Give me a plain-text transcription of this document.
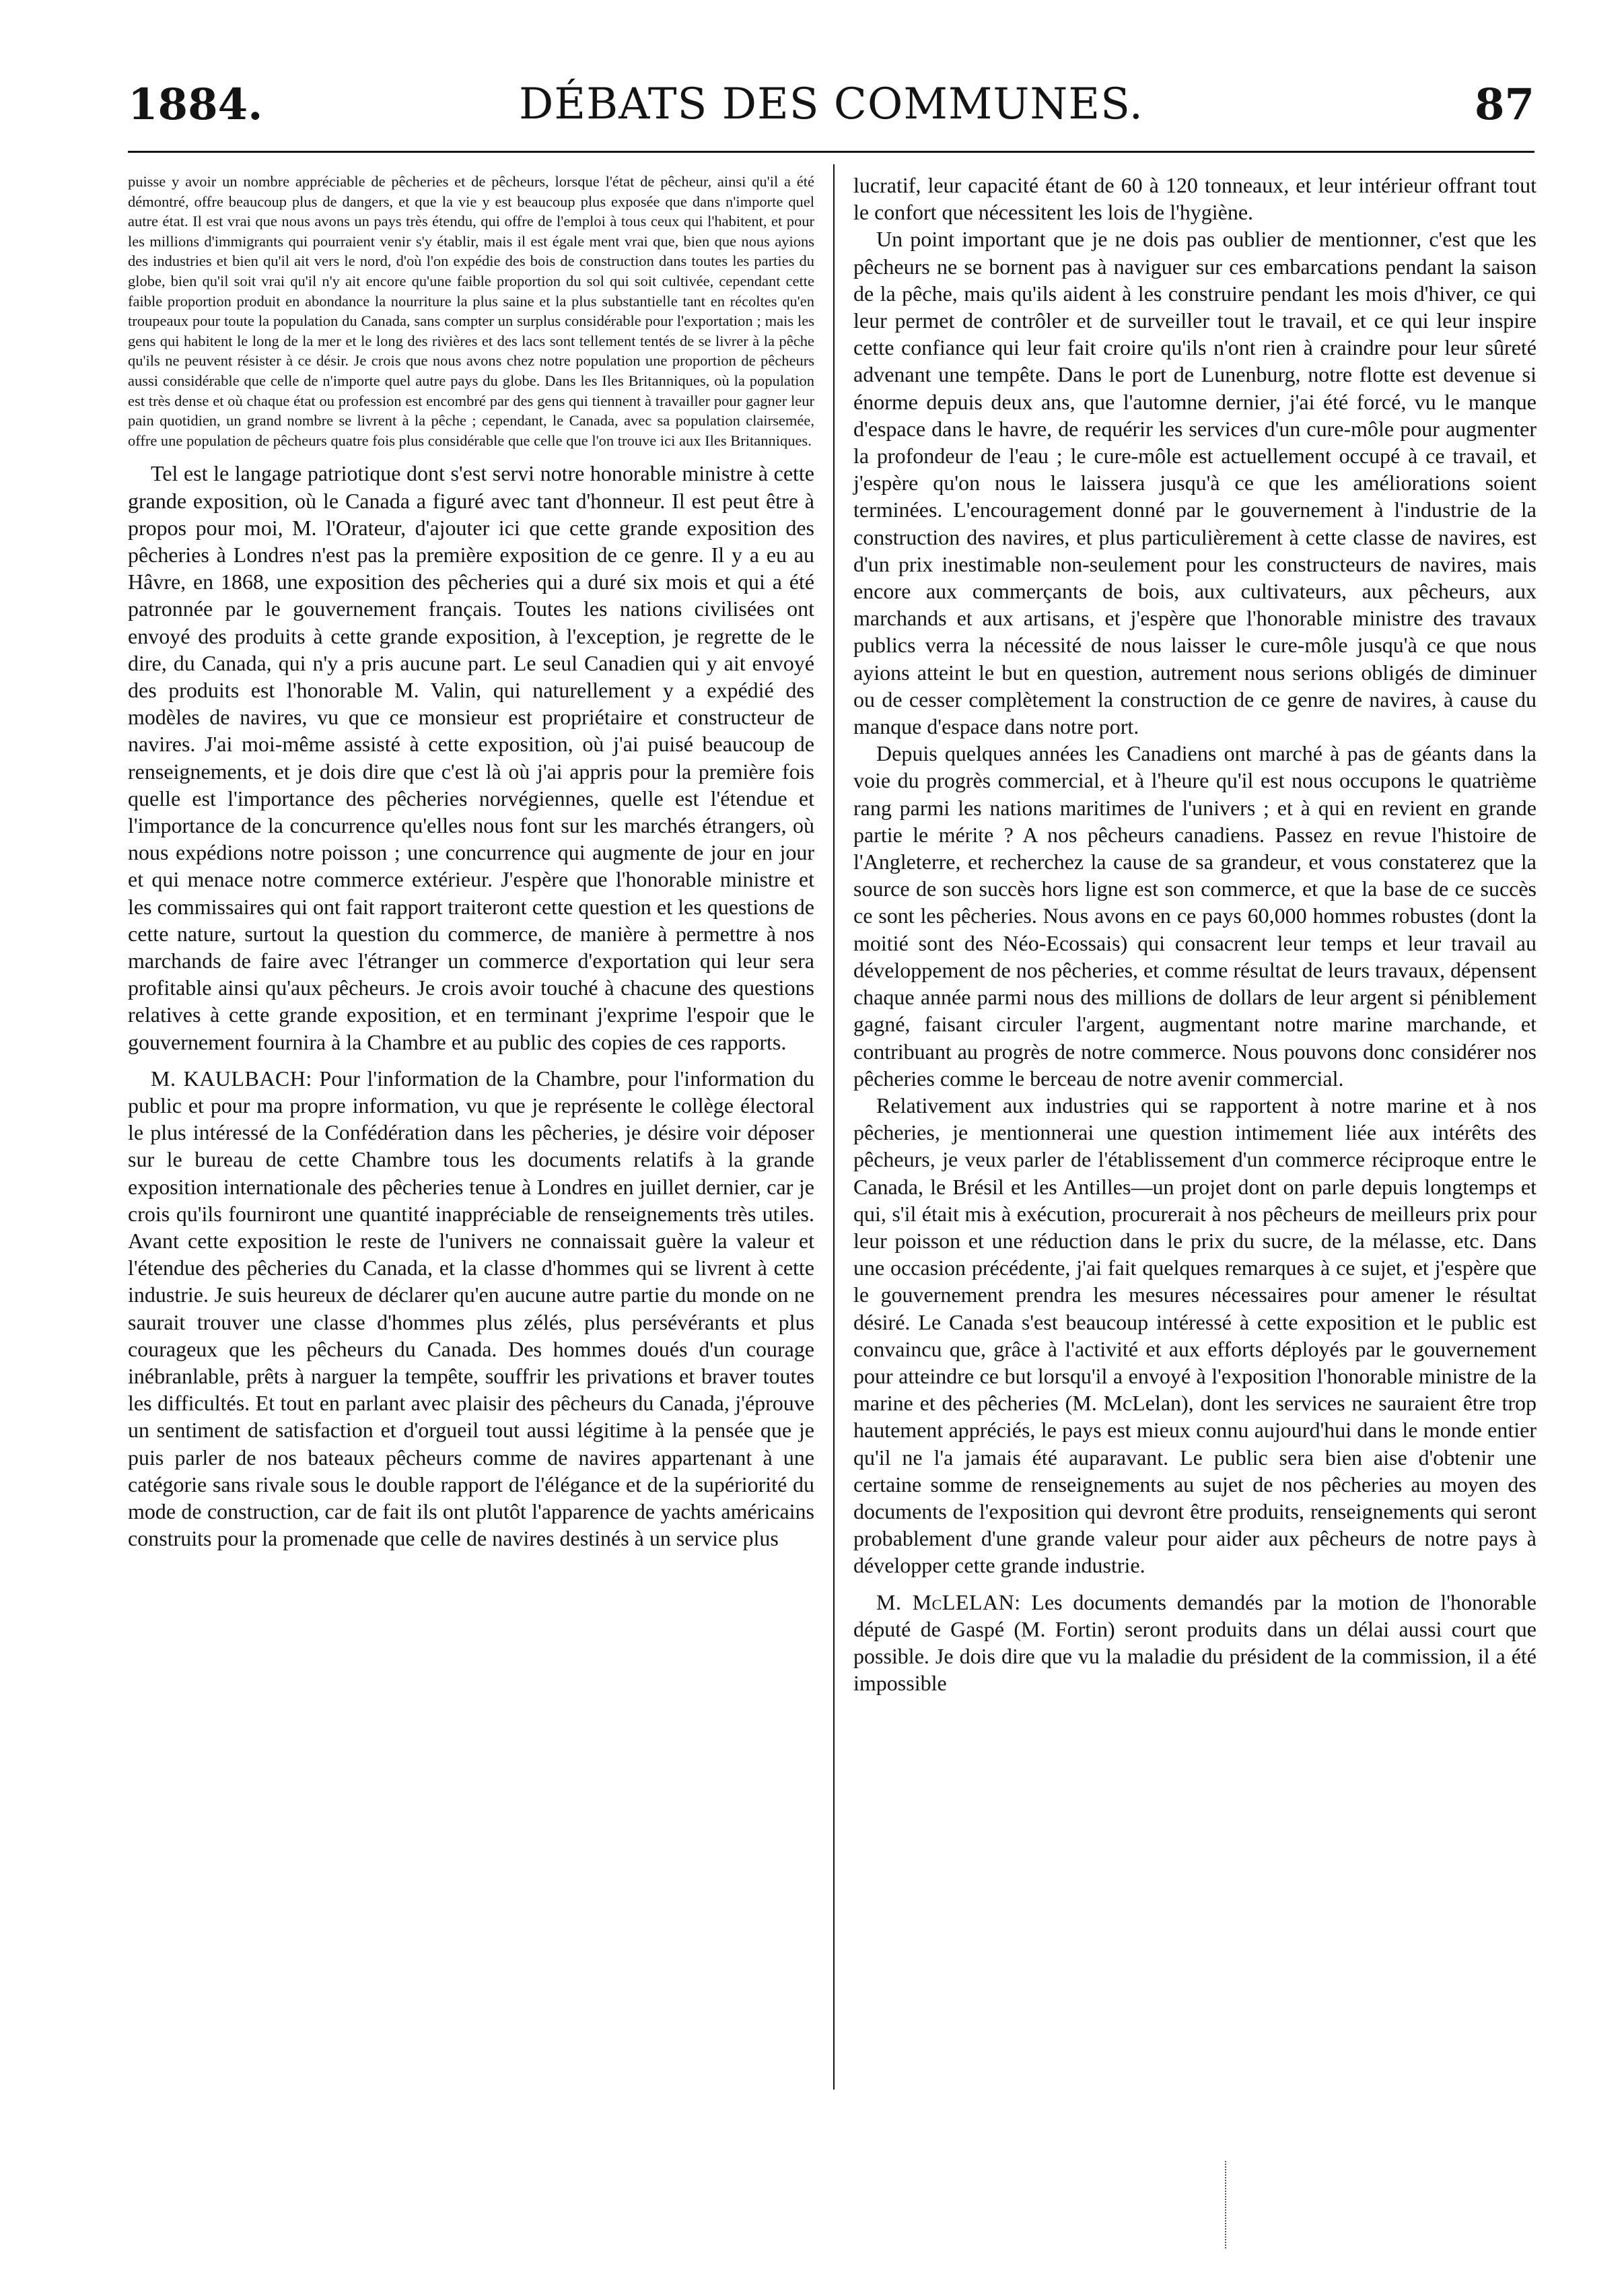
1884.	DÉBATS DES COMMUNES.	87

puisse y avoir un nombre appréciable de pêcheries et de pêcheurs, lorsque l'état de pêcheur, ainsi qu'il a été démontré, offre beaucoup plus de dangers, et que la vie y est beaucoup plus exposée que dans n'importe quel autre état. Il est vrai que nous avons un pays très étendu, qui offre de l'emploi à tous ceux qui l'habitent, et pour les millions d'immigrants qui pourraient venir s'y établir, mais il est égale ment vrai que, bien que nous ayions des industries et bien qu'il ait vers le nord, d'où l'on expédie des bois de construction dans toutes les parties du globe, bien qu'il soit vrai qu'il n'y ait encore qu'une faible proportion du sol qui soit cultivée, cependant cette faible proportion produit en abondance la nourriture la plus saine et la plus substantielle tant en récoltes qu'en troupeaux pour toute la population du Canada, sans compter un surplus considérable pour l'exportation ; mais les gens qui habitent le long de la mer et le long des rivières et des lacs sont tellement tentés de se livrer à la pêche qu'ils ne peuvent résister à ce désir. Je crois que nous avons chez notre population une proportion de pêcheurs aussi considérable que celle de n'importe quel autre pays du globe. Dans les Iles Britanniques, où la population est très dense et où chaque état ou profession est encombré par des gens qui tiennent à travailler pour gagner leur pain quotidien, un grand nombre se livrent à la pêche ; cependant, le Canada, avec sa population clairsemée, offre une population de pêcheurs quatre fois plus considérable que celle que l'on trouve ici aux Iles Britanniques.

Tel est le langage patriotique dont s'est servi notre honorable ministre à cette grande exposition, où le Canada a figuré avec tant d'honneur. Il est peut être à propos pour moi, M. l'Orateur, d'ajouter ici que cette grande exposition des pêcheries à Londres n'est pas la première exposition de ce genre. Il y a eu au Hâvre, en 1868, une exposition des pêcheries qui a duré six mois et qui a été patronnée par le gouvernement français. Toutes les nations civilisées ont envoyé des produits à cette grande exposition, à l'exception, je regrette de le dire, du Canada, qui n'y a pris aucune part. Le seul Canadien qui y ait envoyé des produits est l'honorable M. Valin, qui naturellement y a expédié des modèles de navires, vu que ce monsieur est propriétaire et constructeur de navires. J'ai moi-même assisté à cette exposition, où j'ai puisé beaucoup de renseignements, et je dois dire que c'est là où j'ai appris pour la première fois quelle est l'importance des pêcheries norvégiennes, quelle est l'étendue et l'importance de la concurrence qu'elles nous font sur les marchés étrangers, où nous expédions notre poisson ; une concurrence qui augmente de jour en jour et qui menace notre commerce extérieur. J'espère que l'honorable ministre et les commissaires qui ont fait rapport traiteront cette question et les questions de cette nature, surtout la question du commerce, de manière à permettre à nos marchands de faire avec l'étranger un commerce d'exportation qui leur sera profitable ainsi qu'aux pêcheurs. Je crois avoir touché à chacune des questions relatives à cette grande exposition, et en terminant j'exprime l'espoir que le gouvernement fournira à la Chambre et au public des copies de ces rapports.

M. KAULBACH: Pour l'information de la Chambre, pour l'information du public et pour ma propre information, vu que je représente le collège électoral le plus intéressé de la Confédération dans les pêcheries, je désire voir déposer sur le bureau de cette Chambre tous les documents relatifs à la grande exposition internationale des pêcheries tenue à Londres en juillet dernier, car je crois qu'ils fourniront une quantité inappréciable de renseignements très utiles. Avant cette exposition le reste de l'univers ne connaissait guère la valeur et l'étendue des pêcheries du Canada, et la classe d'hommes qui se livrent à cette industrie. Je suis heureux de déclarer qu'en aucune autre partie du monde on ne saurait trouver une classe d'hommes plus zélés, plus persévérants et plus courageux que les pêcheurs du Canada. Des hommes doués d'un courage inébranlable, prêts à narguer la tempête, souffrir les privations et braver toutes les difficultés. Et tout en parlant avec plaisir des pêcheurs du Canada, j'éprouve un sentiment de satisfaction et d'orgueil tout aussi légitime à la pensée que je puis parler de nos bateaux pêcheurs comme de navires appartenant à une catégorie sans rivale sous le double rapport de l'élégance et de la supériorité du mode de construction, car de fait ils ont plutôt l'apparence de yachts américains construits pour la promenade que celle de navires destinés à un service plus

lucratif, leur capacité étant de 60 à 120 tonneaux, et leur intérieur offrant tout le confort que nécessitent les lois de l'hygiène.

Un point important que je ne dois pas oublier de mentionner, c'est que les pêcheurs ne se bornent pas à naviguer sur ces embarcations pendant la saison de la pêche, mais qu'ils aident à les construire pendant les mois d'hiver, ce qui leur permet de contrôler et de surveiller tout le travail, et ce qui leur inspire cette confiance qui leur fait croire qu'ils n'ont rien à craindre pour leur sûreté advenant une tempête. Dans le port de Lunenburg, notre flotte est devenue si énorme depuis deux ans, que l'automne dernier, j'ai été forcé, vu le manque d'espace dans le havre, de requérir les services d'un cure-môle pour augmenter la profondeur de l'eau ; le cure-môle est actuellement occupé à ce travail, et j'espère qu'on nous le laissera jusqu'à ce que les améliorations soient terminées. L'encouragement donné par le gouvernement à l'industrie de la construction des navires, et plus particulièrement à cette classe de navires, est d'un prix inestimable non-seulement pour les constructeurs de navires, mais encore aux commerçants de bois, aux cultivateurs, aux pêcheurs, aux marchands et aux artisans, et j'espère que l'honorable ministre des travaux publics verra la nécessité de nous laisser le cure-môle jusqu'à ce que nous ayions atteint le but en question, autrement nous serions obligés de diminuer ou de cesser complètement la construction de ce genre de navires, à cause du manque d'espace dans notre port.

Depuis quelques années les Canadiens ont marché à pas de géants dans la voie du progrès commercial, et à l'heure qu'il est nous occupons le quatrième rang parmi les nations maritimes de l'univers ; et à qui en revient en grande partie le mérite ? A nos pêcheurs canadiens. Passez en revue l'histoire de l'Angleterre, et recherchez la cause de sa grandeur, et vous constaterez que la source de son succès hors ligne est son commerce, et que la base de ce succès ce sont les pêcheries. Nous avons en ce pays 60,000 hommes robustes (dont la moitié sont des Néo-Ecossais) qui consacrent leur temps et leur travail au développement de nos pêcheries, et comme résultat de leurs travaux, dépensent chaque année parmi nous des millions de dollars de leur argent si péniblement gagné, faisant circuler l'argent, augmentant notre marine marchande, et contribuant au progrès de notre commerce. Nous pouvons donc considérer nos pêcheries comme le berceau de notre avenir commercial.

Relativement aux industries qui se rapportent à notre marine et à nos pêcheries, je mentionnerai une question intimement liée aux intérêts des pêcheurs, je veux parler de l'établissement d'un commerce réciproque entre le Canada, le Brésil et les Antilles—un projet dont on parle depuis longtemps et qui, s'il était mis à exécution, procurerait à nos pêcheurs de meilleurs prix pour leur poisson et une réduction dans le prix du sucre, de la mélasse, etc. Dans une occasion précédente, j'ai fait quelques remarques à ce sujet, et j'espère que le gouvernement prendra les mesures nécessaires pour amener le résultat désiré. Le Canada s'est beaucoup intéressé à cette exposition et le public est convaincu que, grâce à l'activité et aux efforts déployés par le gouvernement pour atteindre ce but lorsqu'il a envoyé à l'exposition l'honorable ministre de la marine et des pêcheries (M. McLelan), dont les services ne sauraient être trop hautement appréciés, le pays est mieux connu aujourd'hui dans le monde entier qu'il ne l'a jamais été auparavant. Le public sera bien aise d'obtenir une certaine somme de renseignements au sujet de nos pêcheries au moyen des documents de l'exposition qui devront être produits, renseignements qui seront probablement d'une grande valeur pour aider aux pêcheurs de notre pays à développer cette grande industrie.

M. McLELAN: Les documents demandés par la motion de l'honorable député de Gaspé (M. Fortin) seront produits dans un délai aussi court que possible. Je dois dire que vu la maladie du président de la commission, il a été impossible
